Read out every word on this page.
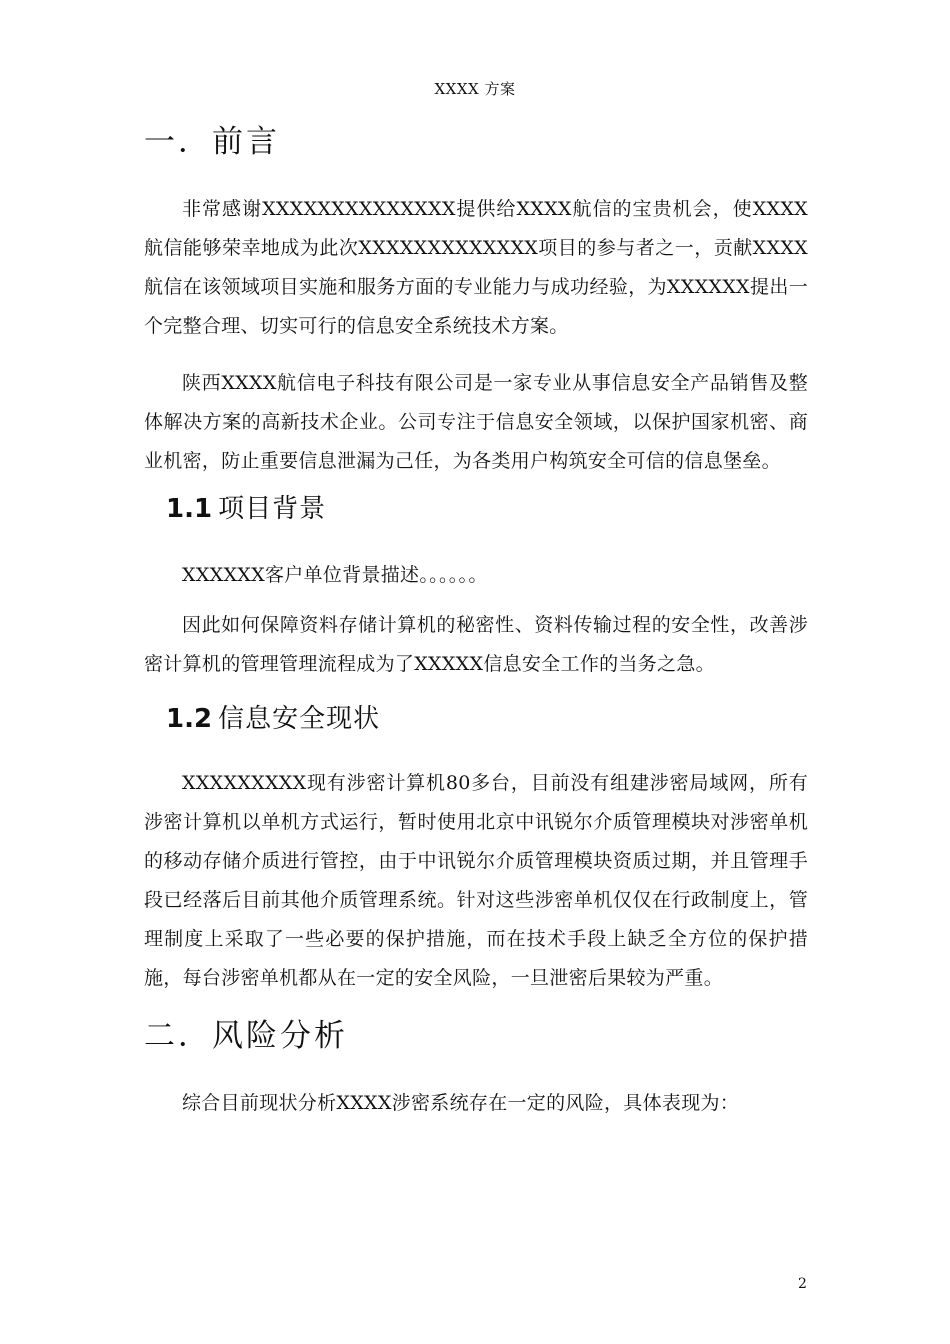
XXXX 方案
一．前言

非常感谢XXXXXXXXXXXXXX提供给XXXX航信的宝贵机会，使XXXX航信能够荣幸地成为此次XXXXXXXXXXXXX项目的参与者之一，贡献XXXX航信在该领域项目实施和服务方面的专业能力与成功经验，为XXXXXX提出一个完整合理、切实可行的信息安全系统技术方案。

陕西XXXX航信电子科技有限公司是一家专业从事信息安全产品销售及整体解决方案的高新技术企业。公司专注于信息安全领域，以保护国家机密、商业机密，防止重要信息泄漏为己任，为各类用户构筑安全可信的信息堡垒。

1.1 项目背景

XXXXXX客户单位背景描述。。。。。。

因此如何保障资料存储计算机的秘密性、资料传输过程的安全性，改善涉密计算机的管理管理流程成为了XXXXX信息安全工作的当务之急。

1.2 信息安全现状

XXXXXXXXX现有涉密计算机80多台，目前没有组建涉密局域网，所有涉密计算机以单机方式运行，暂时使用北京中讯锐尔介质管理模块对涉密单机的移动存储介质进行管控，由于中讯锐尔介质管理模块资质过期，并且管理手段已经落后目前其他介质管理系统。针对这些涉密单机仅仅在行政制度上，管理制度上采取了一些必要的保护措施，而在技术手段上缺乏全方位的保护措施，每台涉密单机都从在一定的安全风险，一旦泄密后果较为严重。

二．风险分析

综合目前现状分析XXXX涉密系统存在一定的风险，具体表现为：

2
